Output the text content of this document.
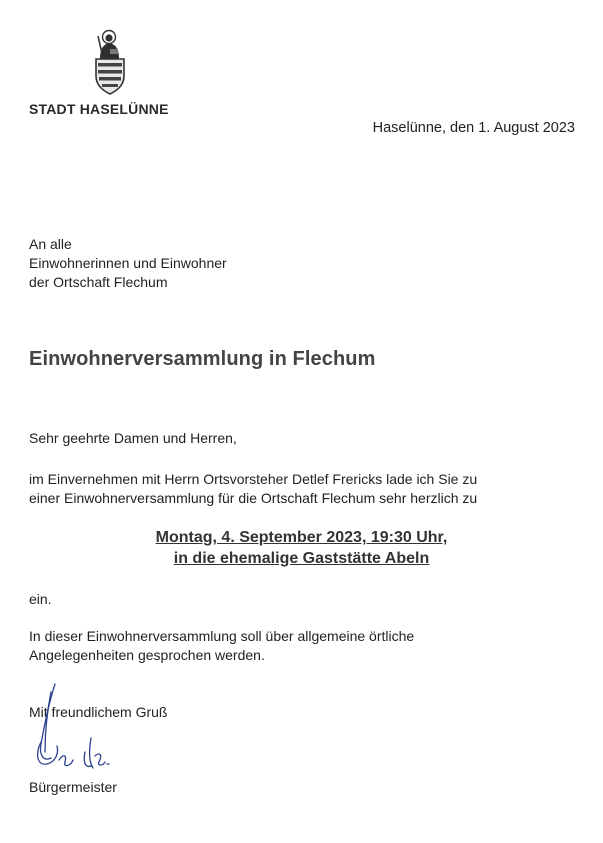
STADT HASELÜNNE
Haselünne, den 1. August 2023
An alle
Einwohnerinnen und Einwohner
der Ortschaft Flechum
Einwohnerversammlung in Flechum
Sehr geehrte Damen und Herren,
im Einvernehmen mit Herrn Ortsvorsteher Detlef Frericks lade ich Sie zu
einer Einwohnerversammlung für die Ortschaft Flechum sehr herzlich zu
Montag, 4. September 2023, 19:30 Uhr,
in die ehemalige Gaststätte Abeln
ein.
In dieser Einwohnerversammlung soll über allgemeine örtliche
Angelegenheiten gesprochen werden.
Mit freundlichem Gruß
Bürgermeister
